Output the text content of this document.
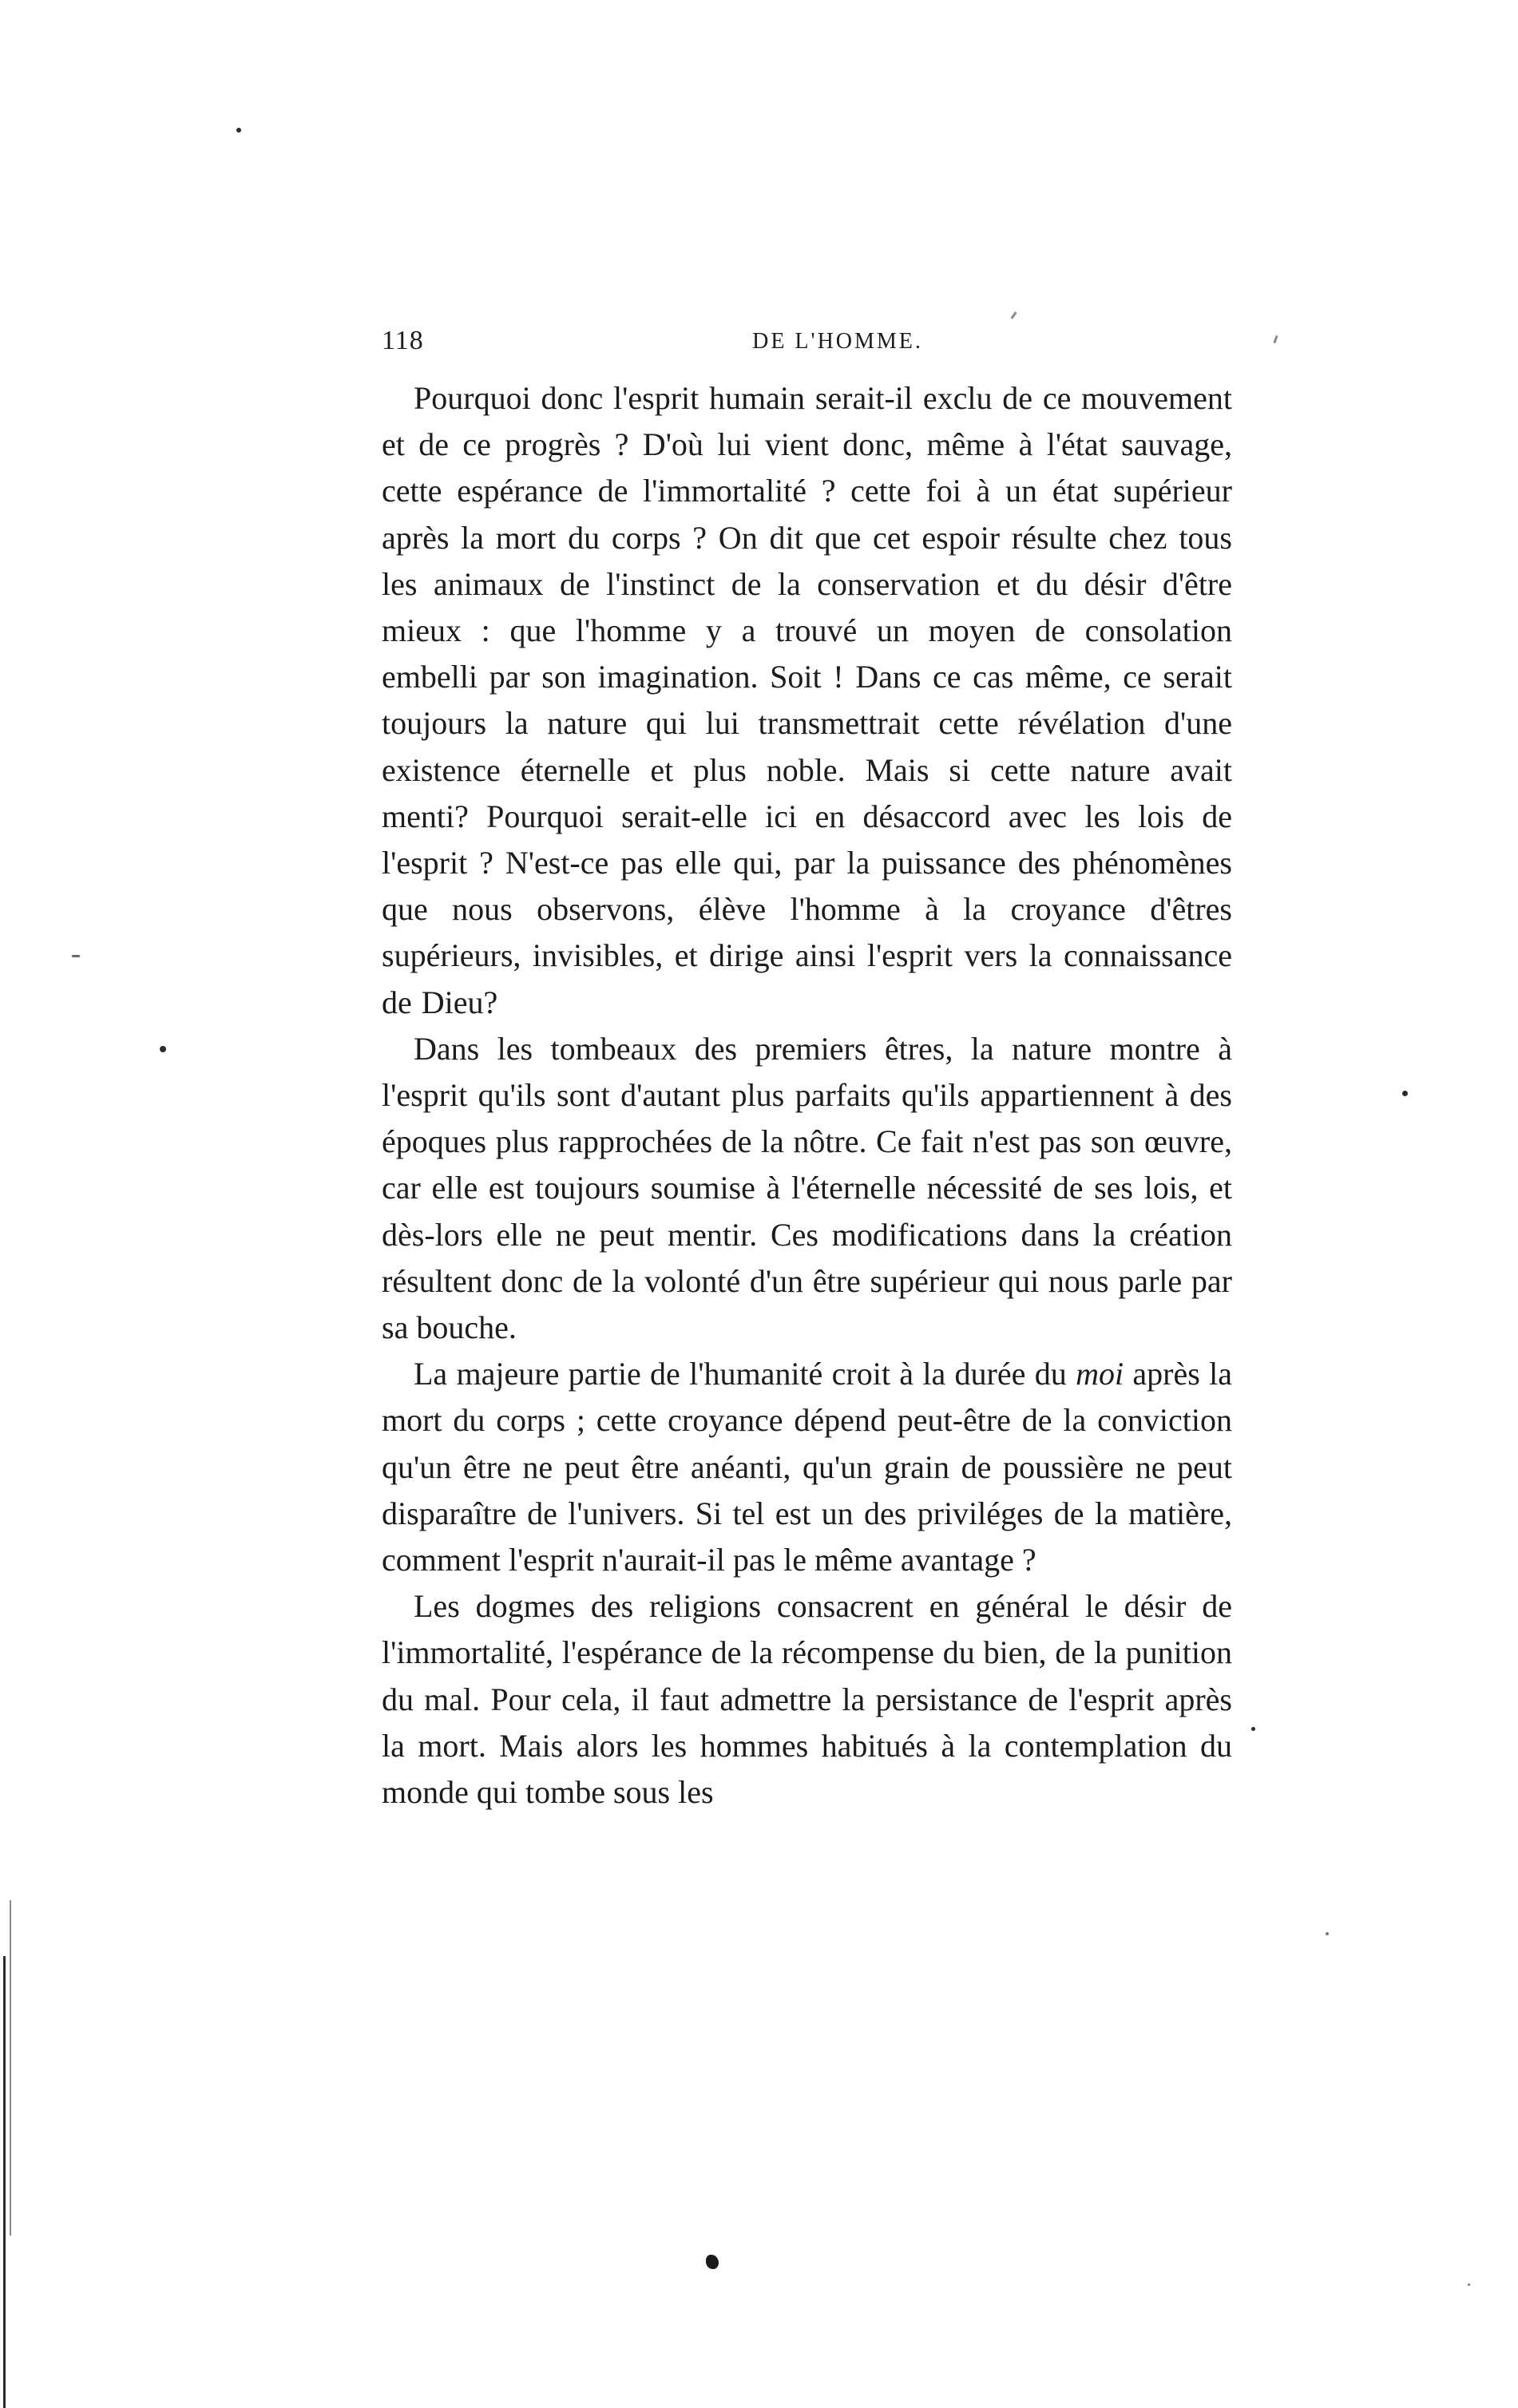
118	DE L'HOMME.

Pourquoi donc l'esprit humain serait-il exclu de ce mouvement et de ce progrès ? D'où lui vient donc, même à l'état sauvage, cette espérance de l'immortalité ? cette foi à un état supérieur après la mort du corps ? On dit que cet espoir résulte chez tous les animaux de l'instinct de la conservation et du désir d'être mieux : que l'homme y a trouvé un moyen de consolation embelli par son imagination. Soit ! Dans ce cas même, ce serait toujours la nature qui lui transmettrait cette révélation d'une existence éternelle et plus noble. Mais si cette nature avait menti? Pourquoi serait-elle ici en désaccord avec les lois de l'esprit ? N'est-ce pas elle qui, par la puissance des phénomènes que nous observons, élève l'homme à la croyance d'êtres supérieurs, invisibles, et dirige ainsi l'esprit vers la connaissance de Dieu?

Dans les tombeaux des premiers êtres, la nature montre à l'esprit qu'ils sont d'autant plus parfaits qu'ils appartiennent à des époques plus rapprochées de la nôtre. Ce fait n'est pas son œuvre, car elle est toujours soumise à l'éternelle nécessité de ses lois, et dès-lors elle ne peut mentir. Ces modifications dans la création résultent donc de la volonté d'un être supérieur qui nous parle par sa bouche.

La majeure partie de l'humanité croit à la durée du moi après la mort du corps ; cette croyance dépend peut-être de la conviction qu'un être ne peut être anéanti, qu'un grain de poussière ne peut disparaître de l'univers. Si tel est un des priviléges de la matière, comment l'esprit n'aurait-il pas le même avantage ?

Les dogmes des religions consacrent en général le désir de l'immortalité, l'espérance de la récompense du bien, de la punition du mal. Pour cela, il faut admettre la persistance de l'esprit après la mort. Mais alors les hommes habitués à la contemplation du monde qui tombe sous les
